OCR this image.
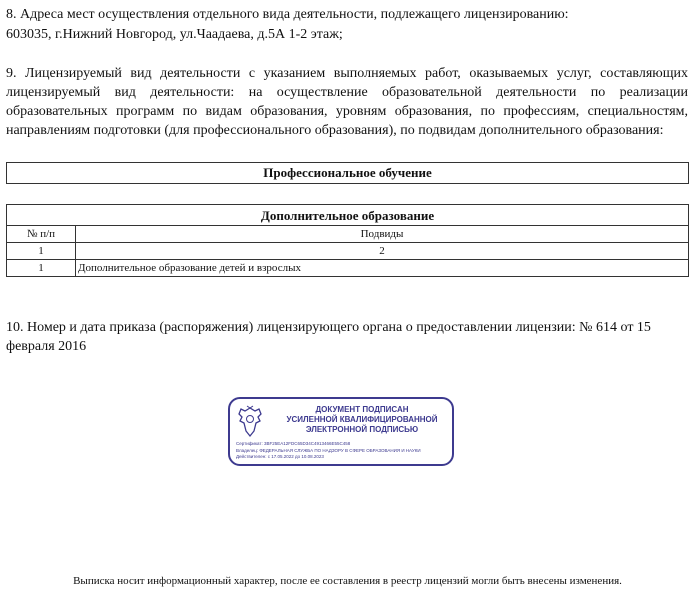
8. Адреса мест осуществления отдельного вида деятельности, подлежащего лицензированию:
603035, г.Нижний Новгород, ул.Чаадаева, д.5А 1-2 этаж;
9. Лицензируемый вид деятельности с указанием выполняемых работ, оказываемых услуг, составляющих лицензируемый вид деятельности: на осуществление образовательной деятельности по реализации образовательных программ по видам образования, уровням образования, по профессиям, специальностям, направлениям подготовки (для профессионального образования), по подвидам дополнительного образования:
Профессиональное обучение
Дополнительное образование	
№ п/п	Подвиды
1	2
1	Дополнительное образование детей и взрослых
10. Номер и дата приказа (распоряжения) лицензирующего органа о предоставлении лицензии: № 614 от 15 февраля 2016
ДОКУМЕНТ ПОДПИСАН
УСИЛЕННОЙ КВАЛИФИЦИРОВАННОЙ
ЭЛЕКТРОННОЙ ПОДПИСЬЮ
Сертификат: 3BF25EA12FDC65D34C4913466E55C458
Владелец: ФЕДЕРАЛЬНАЯ СЛУЖБА ПО НАДЗОРУ В СФЕРЕ ОБРАЗОВАНИЯ И НАУКИ
Действителен: с 17.05.2022 до 10.08.2023
Выписка носит информационный характер, после ее составления в реестр лицензий могли быть внесены изменения.
